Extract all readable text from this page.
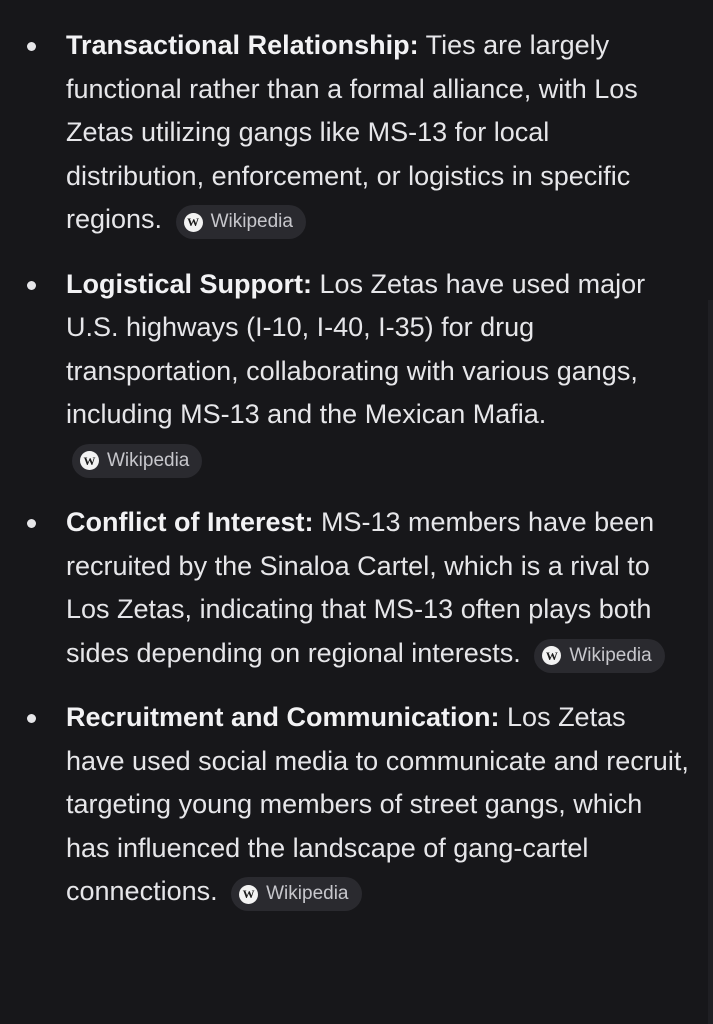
Transactional Relationship: Ties are largely functional rather than a formal alliance, with Los Zetas utilizing gangs like MS-13 for local distribution, enforcement, or logistics in specific regions. W Wikipedia
Logistical Support: Los Zetas have used major U.S. highways (I-10, I-40, I-35) for drug transportation, collaborating with various gangs, including MS-13 and the Mexican Mafia.
W Wikipedia
Conflict of Interest: MS-13 members have been recruited by the Sinaloa Cartel, which is a rival to Los Zetas, indicating that MS-13 often plays both sides depending on regional interests. W Wikipedia
Recruitment and Communication: Los Zetas have used social media to communicate and recruit, targeting young members of street gangs, which has influenced the landscape of gang-cartel connections. W Wikipedia
